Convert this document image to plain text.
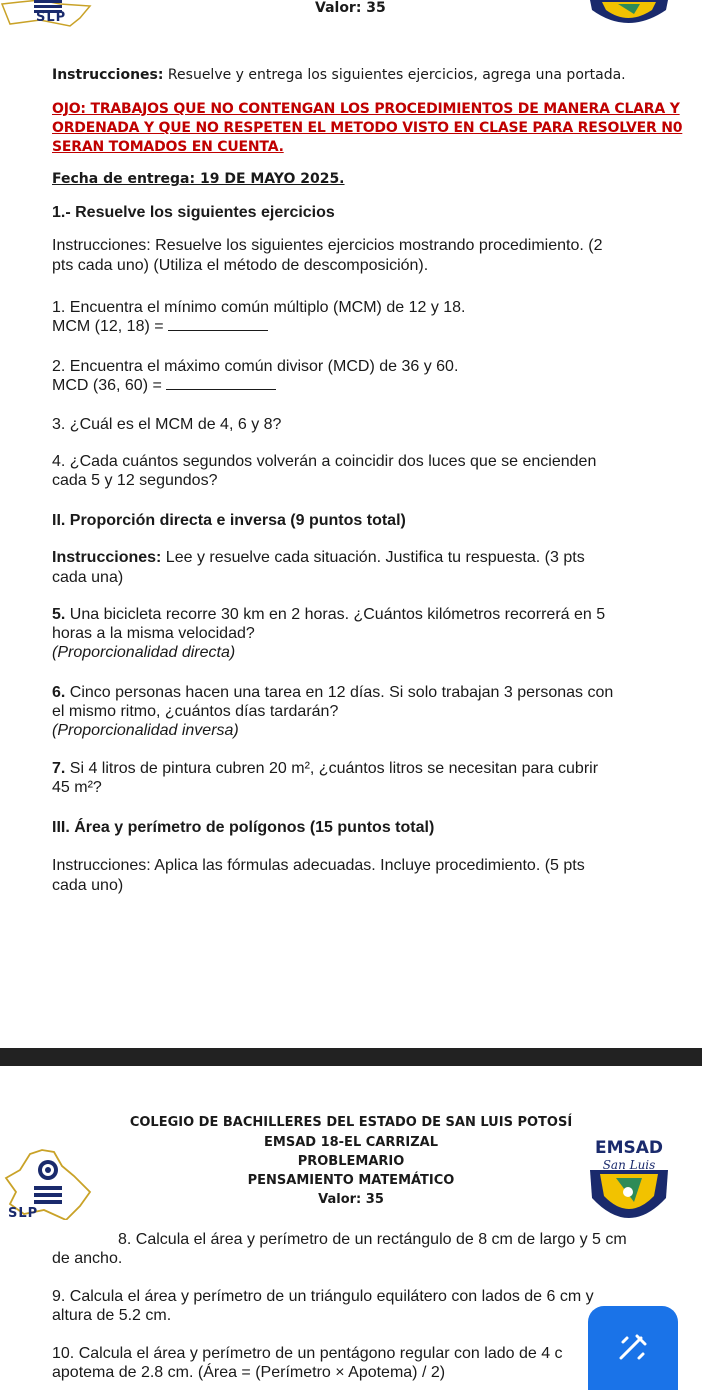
SLP
Valor: 35
Instrucciones: Resuelve y entrega los siguientes ejercicios, agrega una portada.
OJO: TRABAJOS QUE NO CONTENGAN LOS PROCEDIMIENTOS DE MANERA CLARA Y
ORDENADA Y QUE NO RESPETEN EL METODO VISTO EN CLASE PARA RESOLVER N0
SERAN TOMADOS EN CUENTA.
Fecha de entrega: 19 DE MAYO 2025.
1.- Resuelve los siguientes ejercicios
Instrucciones: Resuelve los siguientes ejercicios mostrando procedimiento. (2
pts cada uno) (Utiliza el método de descomposición).
1. Encuentra el mínimo común múltiplo (MCM) de 12 y 18.
MCM (12, 18) =
2. Encuentra el máximo común divisor (MCD) de 36 y 60.
MCD (36, 60) =
3. ¿Cuál es el MCM de 4, 6 y 8?
4. ¿Cada cuántos segundos volverán a coincidir dos luces que se encienden
cada 5 y 12 segundos?
II. Proporción directa e inversa (9 puntos total)
Instrucciones: Lee y resuelve cada situación. Justifica tu respuesta. (3 pts
cada una)
5. Una bicicleta recorre 30 km en 2 horas. ¿Cuántos kilómetros recorrerá en 5
horas a la misma velocidad?
(Proporcionalidad directa)
6. Cinco personas hacen una tarea en 12 días. Si solo trabajan 3 personas con
el mismo ritmo, ¿cuántos días tardarán?
(Proporcionalidad inversa)
7. Si 4 litros de pintura cubren 20 m², ¿cuántos litros se necesitan para cubrir
45 m²?
III. Área y perímetro de polígonos (15 puntos total)
Instrucciones: Aplica las fórmulas adecuadas. Incluye procedimiento. (5 pts
cada uno)
COLEGIO DE BACHILLERES DEL ESTADO DE SAN LUIS POTOSÍ
EMSAD 18-EL CARRIZAL
PROBLEMARIO
PENSAMIENTO MATEMÁTICO
Valor: 35
SLP
EMSAD
San Luis
8. Calcula el área y perímetro de un rectángulo de 8 cm de largo y 5 cm
de ancho.
9. Calcula el área y perímetro de un triángulo equilátero con lados de 6 cm y
altura de 5.2 cm.
10. Calcula el área y perímetro de un pentágono regular con lado de 4 c
apotema de 2.8 cm. (Área = (Perímetro × Apotema) / 2)
